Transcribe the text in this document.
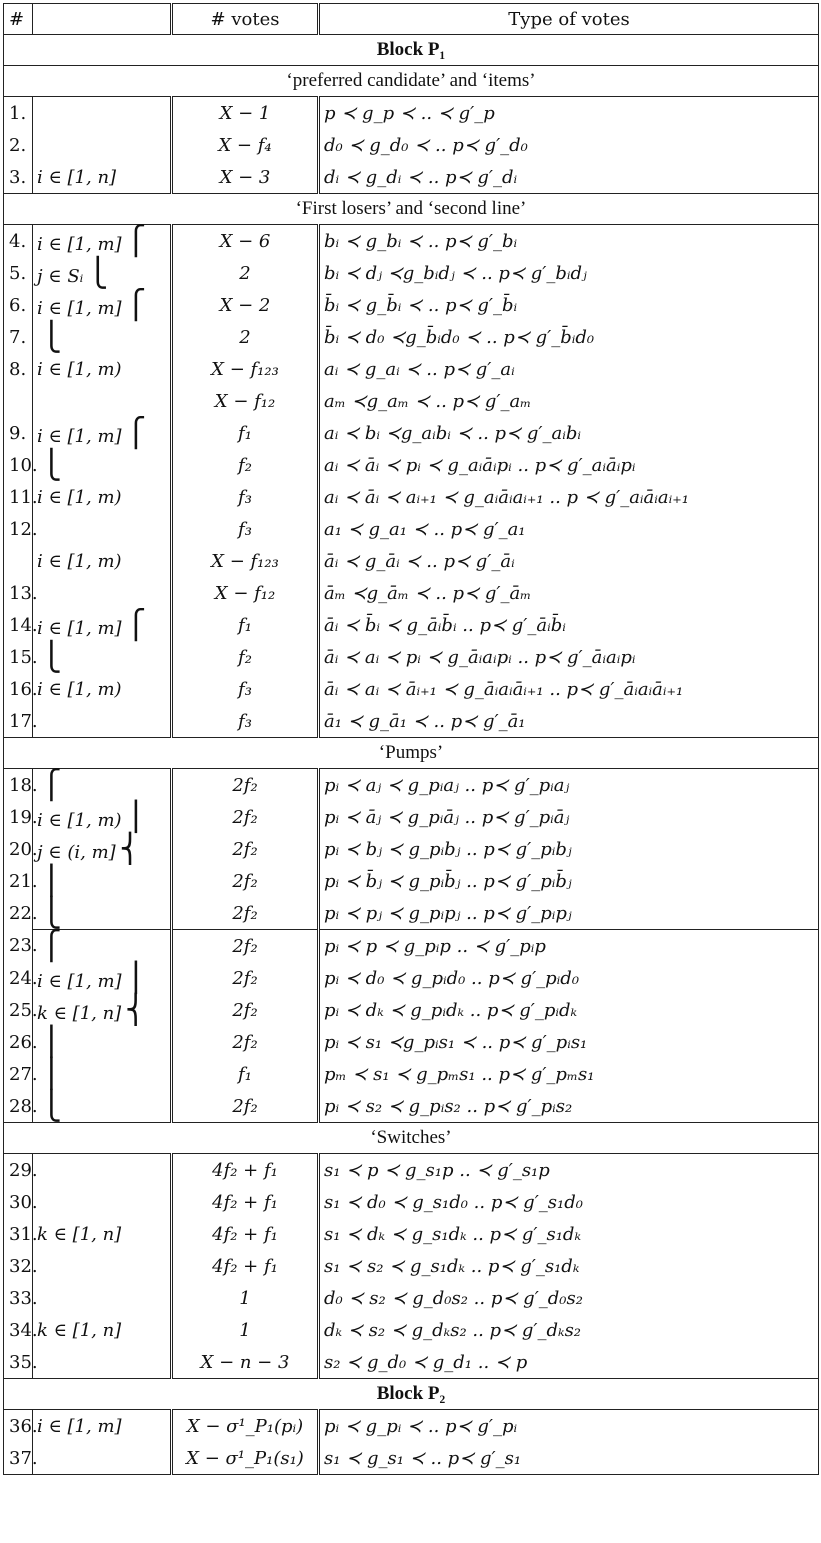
#		# votes	Type of votes
Block P₁			
‘preferred candidate’ and ‘items’			
1.		X − 1	p ≺ g_p ≺ .. ≺ g′_p
2.		X − f₄	d₀ ≺ g_d₀ ≺ .. p≺ g′_d₀
3.	i ∈ [1, n]	X − 3	dᵢ ≺ g_dᵢ ≺ .. p≺ g′_dᵢ
‘First losers’ and ‘second line’			
4.	i ∈ [1, m] ⎧	X − 6	bᵢ ≺ g_bᵢ ≺ .. p≺ g′_bᵢ
5.	j ∈ Sᵢ ⎩	2	bᵢ ≺ dⱼ ≺g_bᵢdⱼ ≺ .. p≺ g′_bᵢdⱼ
6.	i ∈ [1, m] ⎧	X − 2	b̄ᵢ ≺ g_b̄ᵢ ≺ .. p≺ g′_b̄ᵢ
7.	⎩	2	b̄ᵢ ≺ d₀ ≺g_b̄ᵢd₀ ≺ .. p≺ g′_b̄ᵢd₀
8.	i ∈ [1, m)	X − f₁₂₃	aᵢ ≺ g_aᵢ ≺ .. p≺ g′_aᵢ
		X − f₁₂	aₘ ≺g_aₘ ≺ .. p≺ g′_aₘ
9.	i ∈ [1, m] ⎧	f₁	aᵢ ≺ bᵢ ≺g_aᵢbᵢ ≺ .. p≺ g′_aᵢbᵢ
10.	⎩	f₂	aᵢ ≺ āᵢ ≺ pᵢ ≺ g_aᵢāᵢpᵢ .. p≺ g′_aᵢāᵢpᵢ
11.	i ∈ [1, m)	f₃	aᵢ ≺ āᵢ ≺ aᵢ₊₁ ≺ g_aᵢāᵢaᵢ₊₁ .. p ≺ g′_aᵢāᵢaᵢ₊₁
12.		f₃	a₁ ≺ g_a₁ ≺ .. p≺ g′_a₁
	i ∈ [1, m)	X − f₁₂₃	āᵢ ≺ g_āᵢ ≺ .. p≺ g′_āᵢ
13.		X − f₁₂	āₘ ≺g_āₘ ≺ .. p≺ g′_āₘ
14.	i ∈ [1, m] ⎧	f₁	āᵢ ≺ b̄ᵢ ≺ g_āᵢb̄ᵢ .. p≺ g′_āᵢb̄ᵢ
15.	⎩	f₂	āᵢ ≺ aᵢ ≺ pᵢ ≺ g_āᵢaᵢpᵢ .. p≺ g′_āᵢaᵢpᵢ
16.	i ∈ [1, m)	f₃	āᵢ ≺ aᵢ ≺ āᵢ₊₁ ≺ g_āᵢaᵢāᵢ₊₁ .. p≺ g′_āᵢaᵢāᵢ₊₁
17.		f₃	ā₁ ≺ g_ā₁ ≺ .. p≺ g′_ā₁
‘Pumps’			
18.	⎧	2f₂	pᵢ ≺ aⱼ ≺ g_pᵢaⱼ .. p≺ g′_pᵢaⱼ
19.	i ∈ [1, m) ⎪	2f₂	pᵢ ≺ āⱼ ≺ g_pᵢāⱼ .. p≺ g′_pᵢāⱼ
20.	j ∈ (i, m] ⎨	2f₂	pᵢ ≺ bⱼ ≺ g_pᵢbⱼ .. p≺ g′_pᵢbⱼ
21.	⎪	2f₂	pᵢ ≺ b̄ⱼ ≺ g_pᵢb̄ⱼ .. p≺ g′_pᵢb̄ⱼ
22.	⎩	2f₂	pᵢ ≺ pⱼ ≺ g_pᵢpⱼ .. p≺ g′_pᵢpⱼ
23.	⎧	2f₂	pᵢ ≺ p ≺ g_pᵢp .. ≺ g′_pᵢp
24.	i ∈ [1, m] ⎪	2f₂	pᵢ ≺ d₀ ≺ g_pᵢd₀ .. p≺ g′_pᵢd₀
25.	k ∈ [1, n] ⎨	2f₂	pᵢ ≺ dₖ ≺ g_pᵢdₖ .. p≺ g′_pᵢdₖ
26.	⎪	2f₂	pᵢ ≺ s₁ ≺g_pᵢs₁ ≺ .. p≺ g′_pᵢs₁
27.	⎪	f₁	pₘ ≺ s₁ ≺ g_pₘs₁ .. p≺ g′_pₘs₁
28.	⎩	2f₂	pᵢ ≺ s₂ ≺ g_pᵢs₂ .. p≺ g′_pᵢs₂
‘Switches’			
29.		4f₂ + f₁	s₁ ≺ p ≺ g_s₁p .. ≺ g′_s₁p
30.		4f₂ + f₁	s₁ ≺ d₀ ≺ g_s₁d₀ .. p≺ g′_s₁d₀
31.	k ∈ [1, n]	4f₂ + f₁	s₁ ≺ dₖ ≺ g_s₁dₖ .. p≺ g′_s₁dₖ
32.		4f₂ + f₁	s₁ ≺ s₂ ≺ g_s₁dₖ .. p≺ g′_s₁dₖ
33.		1	d₀ ≺ s₂ ≺ g_d₀s₂ .. p≺ g′_d₀s₂
34.	k ∈ [1, n]	1	dₖ ≺ s₂ ≺ g_dₖs₂ .. p≺ g′_dₖs₂
35.		X − n − 3	s₂ ≺ g_d₀ ≺ g_d₁ .. ≺ p
Block P₂			
36.	i ∈ [1, m]	X − σ¹_P₁(pᵢ)	pᵢ ≺ g_pᵢ ≺ .. p≺ g′_pᵢ
37.		X − σ¹_P₁(s₁)	s₁ ≺ g_s₁ ≺ .. p≺ g′_s₁
